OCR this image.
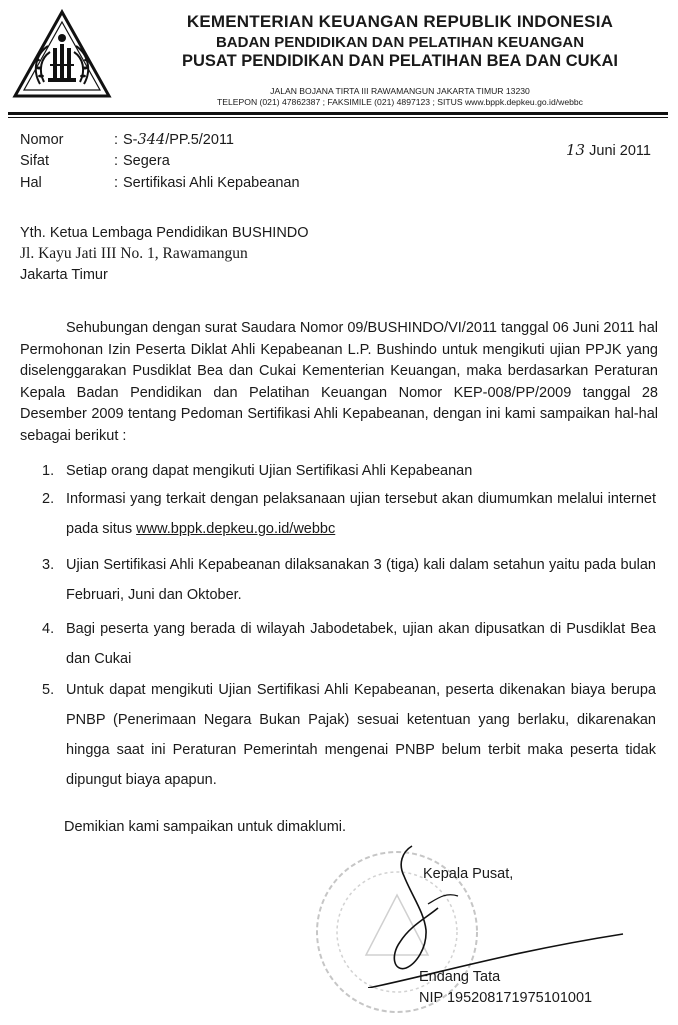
KEMENTERIAN KEUANGAN REPUBLIK INDONESIA
BADAN PENDIDIKAN DAN PELATIHAN KEUANGAN
PUSAT PENDIDIKAN DAN PELATIHAN BEA DAN CUKAI
JALAN BOJANA TIRTA III RAWAMANGUN JAKARTA TIMUR 13230
TELEPON (021) 47862387 ; FAKSIMILE (021) 4897123 ; SITUS www.bppk.depkeu.go.id/webbc
Nomor	: S-344/PP.5/2011
Sifat	: Segera
Hal	: Sertifikasi Ahli Kepabeanan
13 Juni 2011
Yth. Ketua Lembaga Pendidikan BUSHINDO
Jl. Kayu Jati III No. 1, Rawamangun
Jakarta Timur
Sehubungan dengan surat Saudara Nomor 09/BUSHINDO/VI/2011 tanggal 06 Juni 2011 hal Permohonan Izin Peserta Diklat Ahli Kepabeanan L.P. Bushindo untuk mengikuti ujian PPJK yang diselenggarakan Pusdiklat Bea dan Cukai Kementerian Keuangan, maka berdasarkan Peraturan Kepala Badan Pendidikan dan Pelatihan Keuangan Nomor KEP-008/PP/2009 tanggal 28 Desember 2009 tentang Pedoman Sertifikasi Ahli Kepabeanan, dengan ini kami sampaikan hal-hal sebagai berikut :
1. Setiap orang dapat mengikuti Ujian Sertifikasi Ahli Kepabeanan
2. Informasi yang terkait dengan pelaksanaan ujian tersebut akan diumumkan melalui internet pada situs www.bppk.depkeu.go.id/webbc
3. Ujian Sertifikasi Ahli Kepabeanan dilaksanakan 3 (tiga) kali dalam setahun yaitu pada bulan Februari, Juni dan Oktober.
4. Bagi peserta yang berada di wilayah Jabodetabek, ujian akan dipusatkan di Pusdiklat Bea dan Cukai
5. Untuk dapat mengikuti Ujian Sertifikasi Ahli Kepabeanan, peserta dikenakan biaya berupa PNBP (Penerimaan Negara Bukan Pajak) sesuai ketentuan yang berlaku, dikarenakan hingga saat ini Peraturan Pemerintah mengenai PNBP belum terbit maka peserta tidak dipungut biaya apapun.
Demikian kami sampaikan untuk dimaklumi.
Kepala Pusat,
Endang Tata
NIP 195208171975101001
